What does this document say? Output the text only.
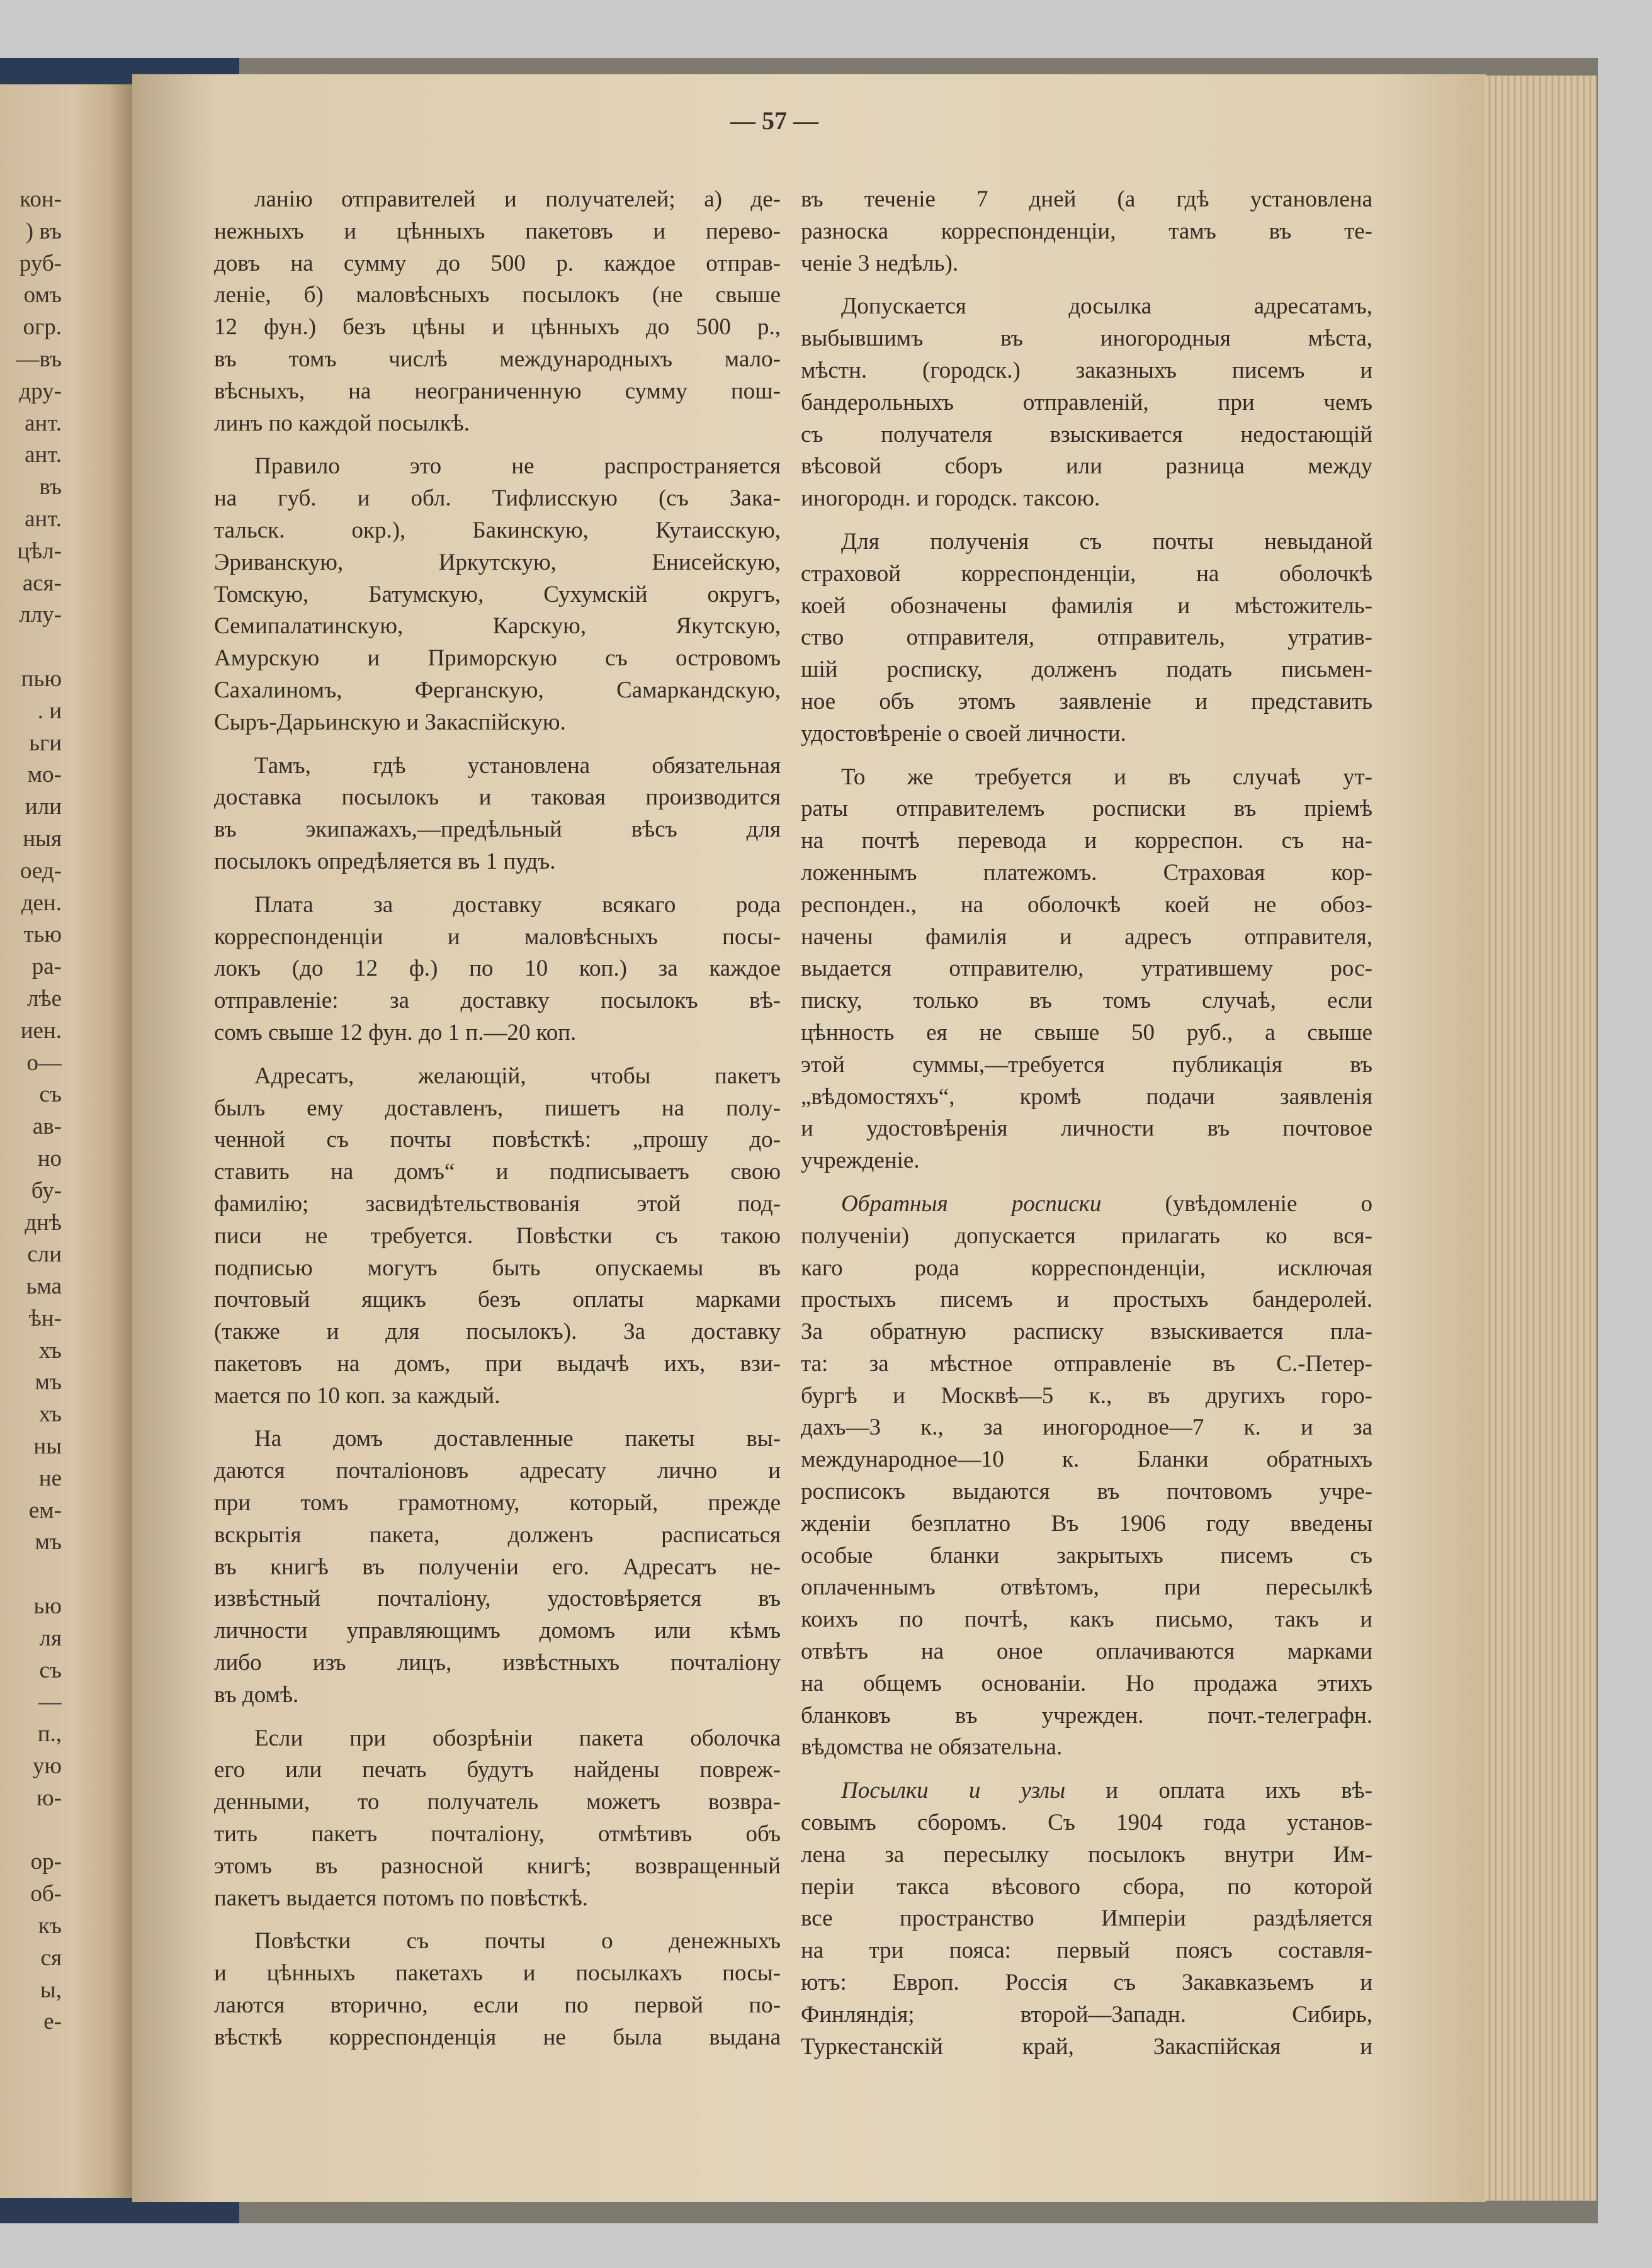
кон-
) въ
руб-
омъ
огр.
—въ
дру-
ант.
ант.
въ
ант.
цѣл-
ася-
ллу-
пью
. и
ьги
мо-
или
ныя
оед-
ден.
тью
ра-
лѣе
иен.
о—
съ
ав-
но
бу-
днѣ
сли
ьма
ѣн-
хъ
мъ
хъ
ны
не
ем-
мъ
ью
ля
съ
—
п.,
ую
ю-
ор-
об-
къ
ся
ы,
е-
— 57 —
ланію отправителей и получателей; а) де-
нежныхъ и цѣнныхъ пакетовъ и перево-
довъ на сумму до 500 р. каждое отправ-
леніе, б) маловѣсныхъ посылокъ (не свыше
12 фун.) безъ цѣны и цѣнныхъ до 500 р.,
въ томъ числѣ международныхъ мало-
вѣсныхъ, на неограниченную сумму пош-
линъ по каждой посылкѣ.
Правило это не распространяется
на губ. и обл. Тифлисскую (съ Зака-
тальск. окр.), Бакинскую, Кутаисскую,
Эриванскую, Иркутскую, Енисейскую,
Томскую, Батумскую, Сухумскій округъ,
Семипалатинскую, Карскую, Якутскую,
Амурскую и Приморскую съ островомъ
Сахалиномъ, Ферганскую, Самаркандскую,
Сыръ-Дарьинскую и Закаспійскую.
Тамъ, гдѣ установлена обязательная
доставка посылокъ и таковая производится
въ экипажахъ,—предѣльный вѣсъ для
посылокъ опредѣляется въ 1 пудъ.
Плата за доставку всякаго рода
корреспонденціи и маловѣсныхъ посы-
локъ (до 12 ф.) по 10 коп.) за каждое
отправленіе: за доставку посылокъ вѣ-
сомъ свыше 12 фун. до 1 п.—20 коп.
Адресатъ, желающій, чтобы пакетъ
былъ ему доставленъ, пишетъ на полу-
ченной съ почты повѣсткѣ: „прошу до-
ставить на домъ“ и подписываетъ свою
фамилію; засвидѣтельствованія этой под-
писи не требуется. Повѣстки съ такою
подписью могутъ быть опускаемы въ
почтовый ящикъ безъ оплаты марками
(также и для посылокъ). За доставку
пакетовъ на домъ, при выдачѣ ихъ, взи-
мается по 10 коп. за каждый.
На домъ доставленные пакеты вы-
даются почталіоновъ адресату лично и
при томъ грамотному, который, прежде
вскрытія пакета, долженъ расписаться
въ книгѣ въ полученіи его. Адресатъ не-
извѣстный почталіону, удостовѣряется въ
личности управляющимъ домомъ или кѣмъ
либо изъ лицъ, извѣстныхъ почталіону
въ домѣ.
Если при обозрѣніи пакета оболочка
его или печать будутъ найдены повреж-
денными, то получатель можетъ возвра-
тить пакетъ почталіону, отмѣтивъ объ
этомъ въ разносной книгѣ; возвращенный
пакетъ выдается потомъ по повѣсткѣ.
Повѣстки съ почты о денежныхъ
и цѣнныхъ пакетахъ и посылкахъ посы-
лаются вторично, если по первой по-
вѣсткѣ корреспонденція не была выдана
въ теченіе 7 дней (а гдѣ установлена
разноска корреспонденціи, тамъ въ те-
ченіе 3 недѣль).
Допускается досылка адресатамъ,
выбывшимъ въ иногородныя мѣста,
мѣстн. (городск.) заказныхъ писемъ и
бандерольныхъ отправленій, при чемъ
съ получателя взыскивается недостающій
вѣсовой сборъ или разница между
иногородн. и городск. таксою.
Для полученія съ почты невыданой
страховой корреспонденціи, на оболочкѣ
коей обозначены фамилія и мѣстожитель-
ство отправителя, отправитель, утратив-
шій росписку, долженъ подать письмен-
ное объ этомъ заявленіе и представить
удостовѣреніе о своей личности.
То же требуется и въ случаѣ ут-
раты отправителемъ росписки въ пріемѣ
на почтѣ перевода и корреспон. съ на-
ложеннымъ платежомъ. Страховая кор-
респонден., на оболочкѣ коей не обоз-
начены фамилія и адресъ отправителя,
выдается отправителю, утратившему рос-
писку, только въ томъ случаѣ, если
цѣнность ея не свыше 50 руб., а свыше
этой суммы,—требуется публикація въ
„вѣдомостяхъ“, кромѣ подачи заявленія
и удостовѣренія личности въ почтовое
учрежденіе.
Обратныя росписки (увѣдомленіе о
полученіи) допускается прилагать ко вся-
каго рода корреспонденціи, исключая
простыхъ писемъ и простыхъ бандеролей.
За обратную расписку взыскивается пла-
та: за мѣстное отправленіе въ С.-Петер-
бургѣ и Москвѣ—5 к., въ другихъ горо-
дахъ—3 к., за иногородное—7 к. и за
международное—10 к. Бланки обратныхъ
росписокъ выдаются въ почтовомъ учре-
жденіи безплатно Въ 1906 году введены
особые бланки закрытыхъ писемъ съ
оплаченнымъ отвѣтомъ, при пересылкѣ
коихъ по почтѣ, какъ письмо, такъ и
отвѣтъ на оное оплачиваются марками
на общемъ основаніи. Но продажа этихъ
бланковъ въ учрежден. почт.-телеграфн.
вѣдомства не обязательна.
Посылки и узлы и оплата ихъ вѣ-
совымъ сборомъ. Съ 1904 года установ-
лена за пересылку посылокъ внутри Им-
періи такса вѣсового сбора, по которой
все пространство Имперіи раздѣляется
на три пояса: первый поясъ составля-
ютъ: Европ. Россія съ Закавказьемъ и
Финляндія; второй—Западн. Сибирь,
Туркестанскій край, Закаспійская и
